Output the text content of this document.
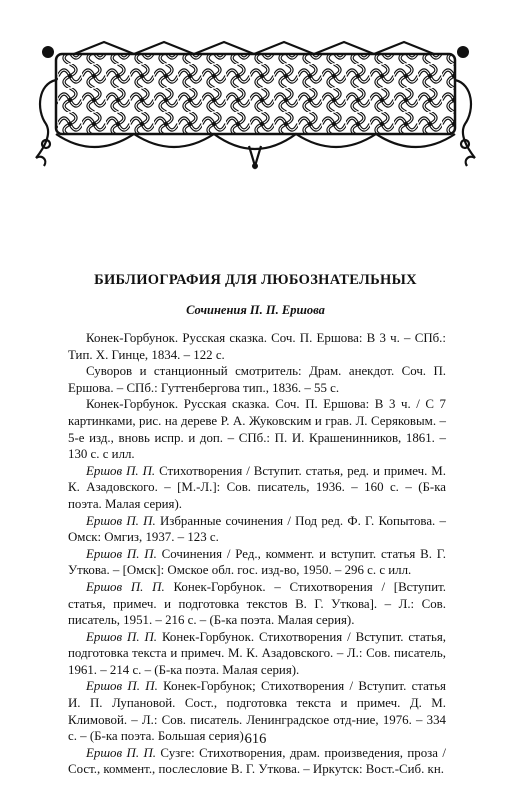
БИБЛИОГРАФИЯ ДЛЯ ЛЮБОЗНАТЕЛЬНЫХ

Сочинения П. П. Ершова

Конек-Горбунок. Русская сказка. Соч. П. Ершова: В 3 ч. – СПб.: Тип. Х. Гинце, 1834. – 122 с.

Суворов и станционный смотритель: Драм. анекдот. Соч. П. Ершова. – СПб.: Гуттенбергова тип., 1836. – 55 с.

Конек-Горбунок. Русская сказка. Соч. П. Ершова: В 3 ч. / С 7 картинками, рис. на дереве Р. А. Жуковским и грав. Л. Серяковым. – 5-е изд., вновь испр. и доп. – СПб.: П. И. Крашенинников, 1861. – 130 с. с илл.

Ершов П. П. Стихотворения / Вступит. статья, ред. и примеч. М. К. Азадовского. – [М.-Л.]: Сов. писатель, 1936. – 160 с. – (Б-ка поэта. Малая серия).

Ершов П. П. Избранные сочинения / Под ред. Ф. Г. Копытова. – Омск: Омгиз, 1937. – 123 с.

Ершов П. П. Сочинения / Ред., коммент. и вступит. статья В. Г. Уткова. – [Омск]: Омское обл. гос. изд-во, 1950. – 296 с. с илл.

Ершов П. П. Конек-Горбунок. – Стихотворения / [Вступит. статья, примеч. и подготовка текстов В. Г. Уткова]. – Л.: Сов. писатель, 1951. – 216 с. – (Б-ка поэта. Малая серия).

Ершов П. П. Конек-Горбунок. Стихотворения / Вступит. статья, подготовка текста и примеч. М. К. Азадовского. – Л.: Сов. писатель, 1961. – 214 с. – (Б-ка поэта. Малая серия).

Ершов П. П. Конек-Горбунок; Стихотворения / Вступит. статья И. П. Лупановой. Сост., подготовка текста и примеч. Д. М. Климовой. – Л.: Сов. писатель. Ленинградское отд-ние, 1976. – 334 с. – (Б-ка поэта. Большая серия).

Ершов П. П. Сузге: Стихотворения, драм. произведения, проза / Сост., коммент., послесловие В. Г. Уткова. – Иркутск: Вост.-Сиб. кн.

616
